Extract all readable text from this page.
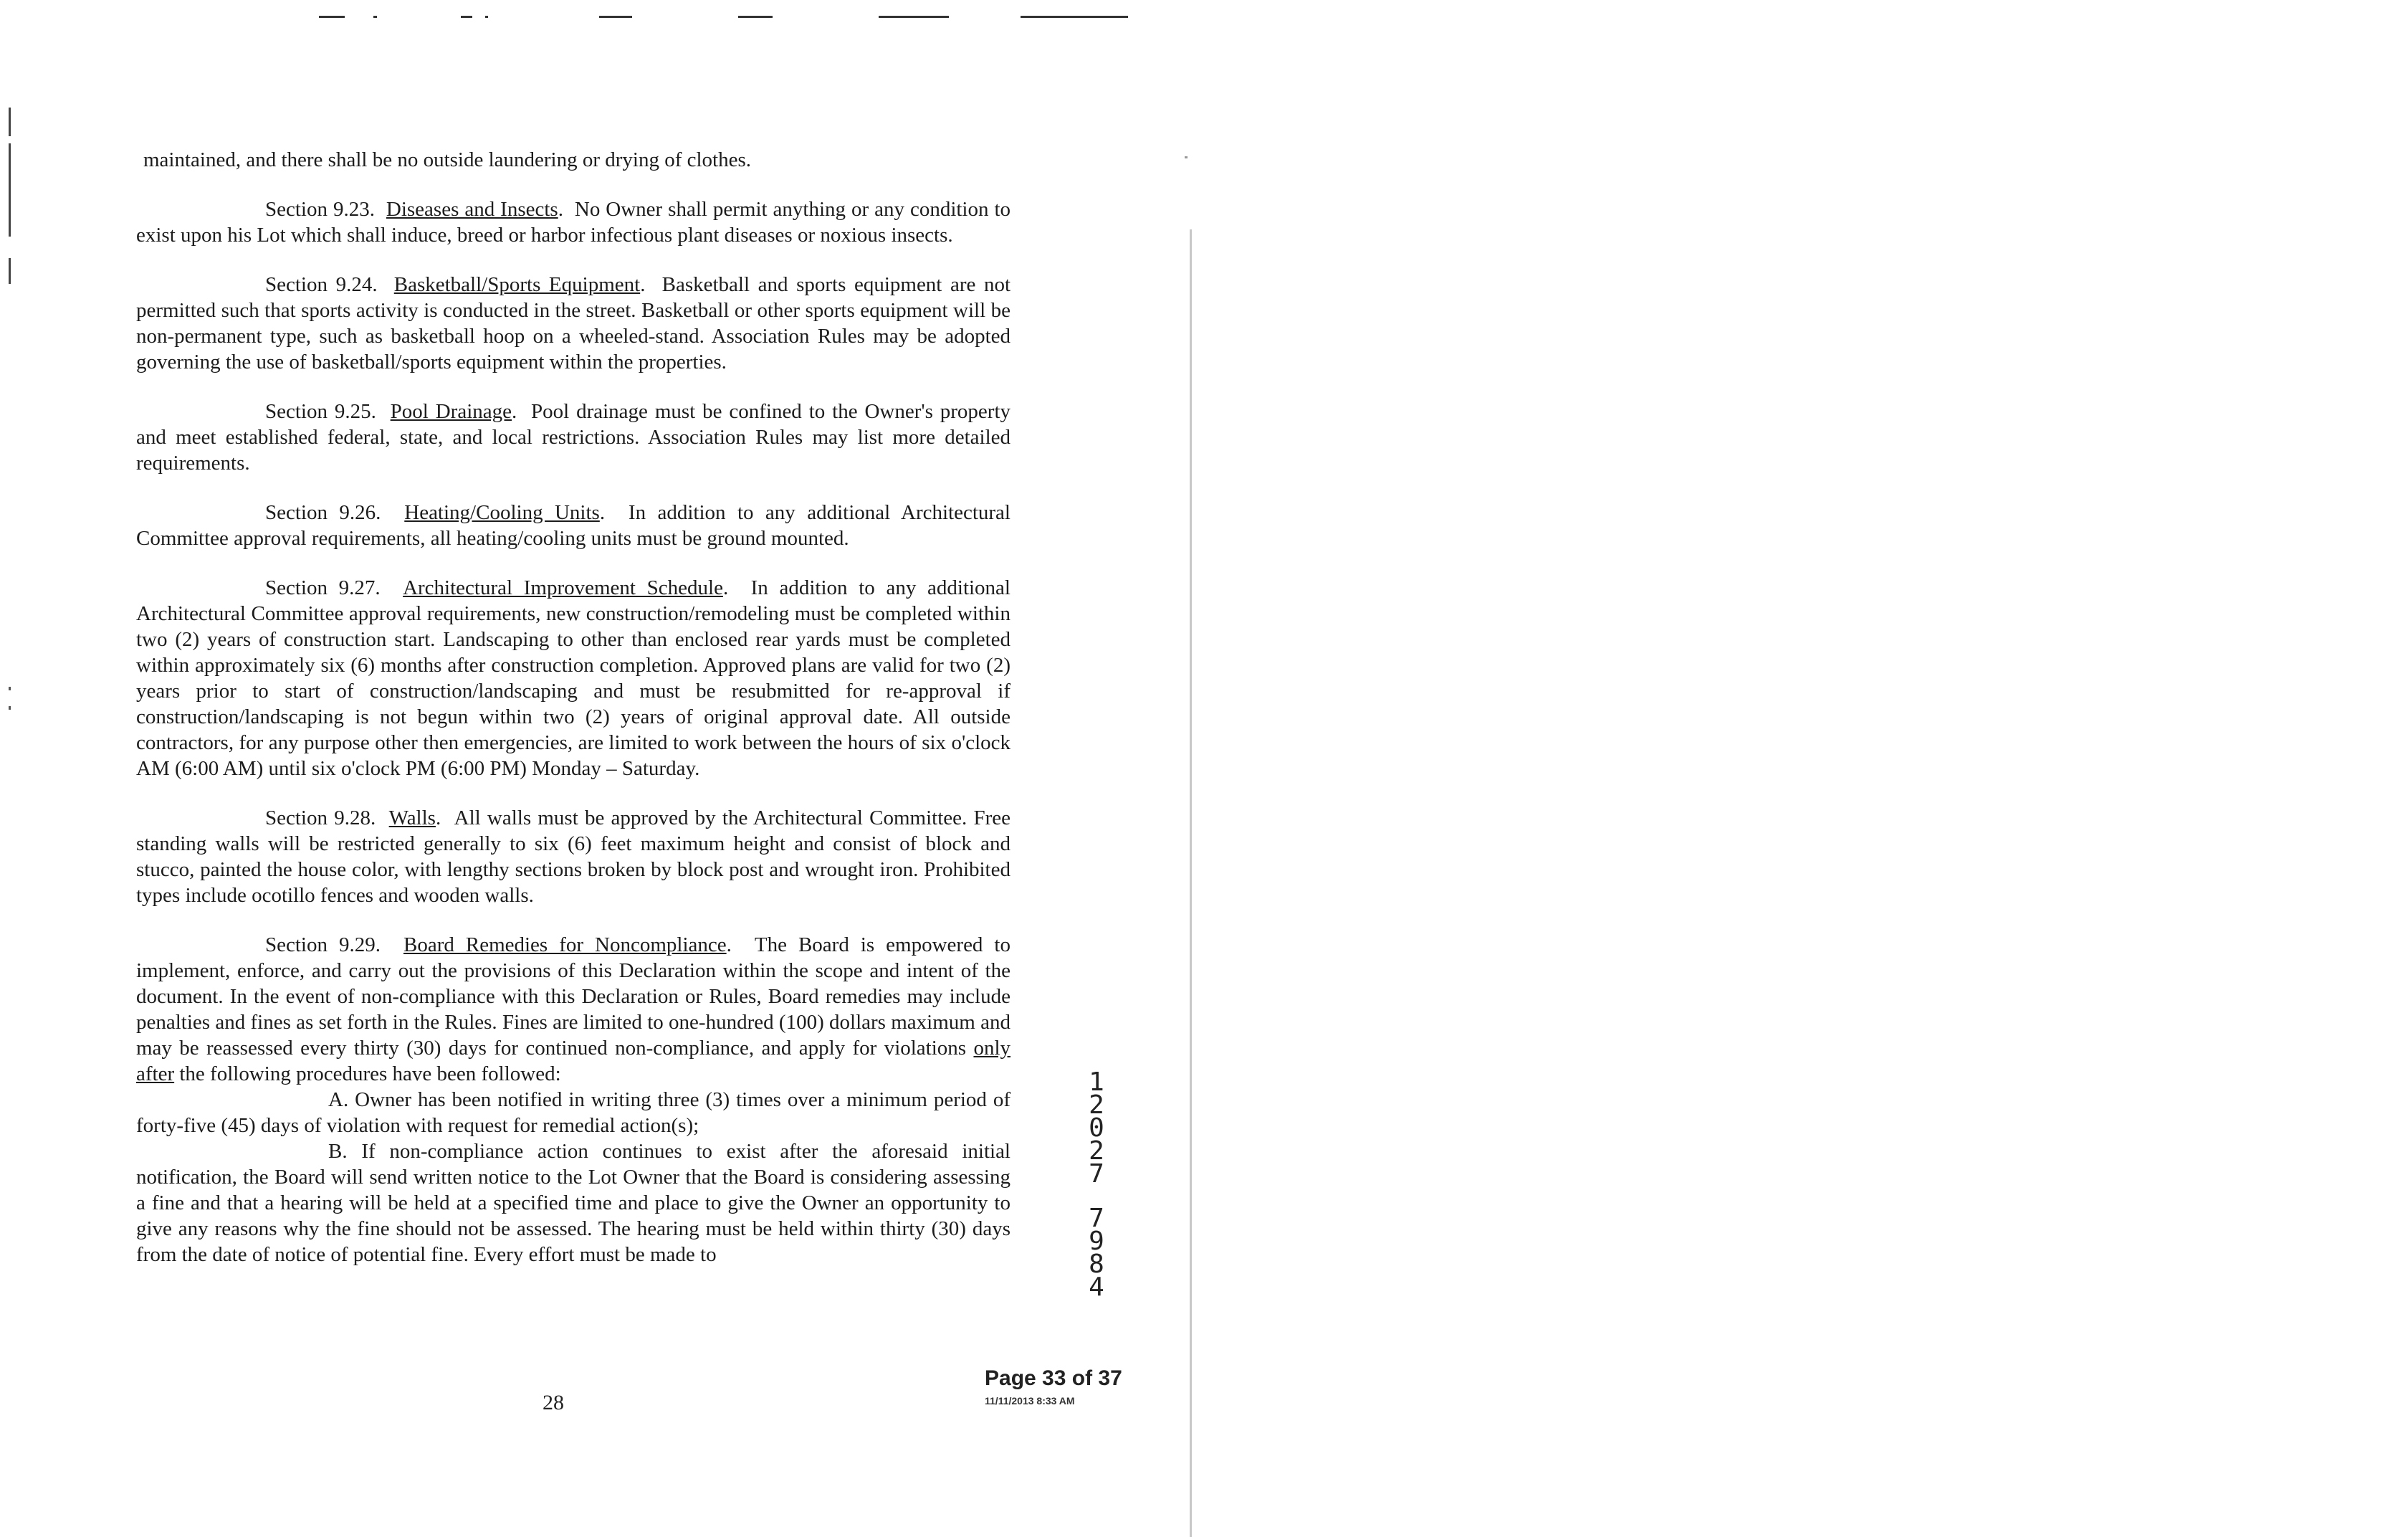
maintained, and there shall be no outside laundering or drying of clothes.

Section 9.23. Diseases and Insects.  No Owner shall permit anything or any condition to exist upon his Lot which shall induce, breed or harbor infectious plant diseases or noxious insects.

Section 9.24. Basketball/Sports Equipment.  Basketball and sports equipment are not permitted such that sports activity is conducted in the street. Basketball or other sports equipment will be non-permanent type, such as basketball hoop on a wheeled-stand. Association Rules may be adopted governing the use of basketball/sports equipment within the properties.

Section 9.25. Pool Drainage.  Pool drainage must be confined to the Owner's property and meet established federal, state, and local restrictions. Association Rules may list more detailed requirements.

Section 9.26. Heating/Cooling Units.  In addition to any additional Architectural Committee approval requirements, all heating/cooling units must be ground mounted.

Section 9.27. Architectural Improvement Schedule.  In addition to any additional Architectural Committee approval requirements, new construction/remodeling must be completed within two (2) years of construction start. Landscaping to other than enclosed rear yards must be completed within approximately six (6) months after construction completion. Approved plans are valid for two (2) years prior to start of construction/landscaping and must be resubmitted for re-approval if construction/landscaping is not begun within two (2) years of original approval date. All outside contractors, for any purpose other then emergencies, are limited to work between the hours of six o'clock AM (6:00 AM) until six o'clock PM (6:00 PM) Monday – Saturday.

Section 9.28. Walls.  All walls must be approved by the Architectural Committee. Free standing walls will be restricted generally to six (6) feet maximum height and consist of block and stucco, painted the house color, with lengthy sections broken by block post and wrought iron. Prohibited types include ocotillo fences and wooden walls.

Section 9.29. Board Remedies for Noncompliance.  The Board is empowered to implement, enforce, and carry out the provisions of this Declaration within the scope and intent of the document. In the event of non-compliance with this Declaration or Rules, Board remedies may include penalties and fines as set forth in the Rules. Fines are limited to one-hundred (100) dollars maximum and may be reassessed every thirty (30) days for continued non-compliance, and apply for violations only after the following procedures have been followed:

A. Owner has been notified in writing three (3) times over a minimum period of forty-five (45) days of violation with request for remedial action(s);

B. If non-compliance action continues to exist after the aforesaid initial notification, the Board will send written notice to the Lot Owner that the Board is considering assessing a fine and that a hearing will be held at a specified time and place to give the Owner an opportunity to give any reasons why the fine should not be assessed. The hearing must be held within thirty (30) days from the date of notice of potential fine. Every effort must be made to

1
2
0
2
7
7
9
8
4
Page 33 of 37
11/11/2013 8:33 AM
28
